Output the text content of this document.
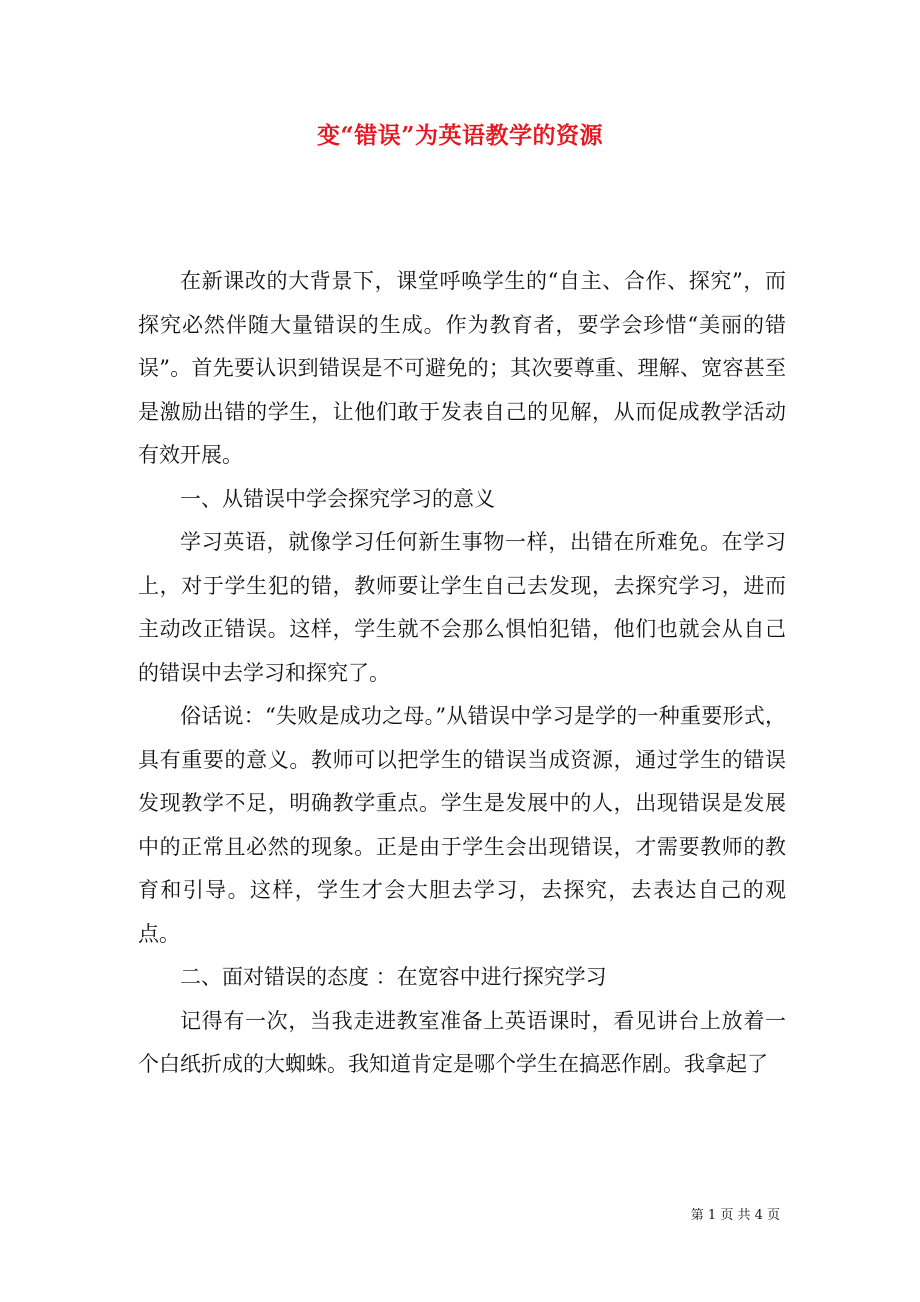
变“错误”为英语教学的资源

在新课改的大背景下，课堂呼唤学生的“自主、合作、探究”，而探究必然伴随大量错误的生成。作为教育者，要学会珍惜“美丽的错误”。首先要认识到错误是不可避免的；其次要尊重、理解、宽容甚至是激励出错的学生，让他们敢于发表自己的见解，从而促成教学活动有效开展。

一、从错误中学会探究学习的意义

学习英语，就像学习任何新生事物一样，出错在所难免。在学习上，对于学生犯的错，教师要让学生自己去发现，去探究学习，进而主动改正错误。这样，学生就不会那么惧怕犯错，他们也就会从自己的错误中去学习和探究了。

俗话说：“失败是成功之母。”从错误中学习是学的一种重要形式，具有重要的意义。教师可以把学生的错误当成资源，通过学生的错误发现教学不足，明确教学重点。学生是发展中的人，出现错误是发展中的正常且必然的现象。正是由于学生会出现错误，才需要教师的教育和引导。这样，学生才会大胆去学习，去探究，去表达自己的观点。

二、面对错误的态度 ：在宽容中进行探究学习

记得有一次，当我走进教室准备上英语课时，看见讲台上放着一个白纸折成的大蜘蛛。我知道肯定是哪个学生在搞恶作剧。我拿起了

第 1 页 共 4 页
